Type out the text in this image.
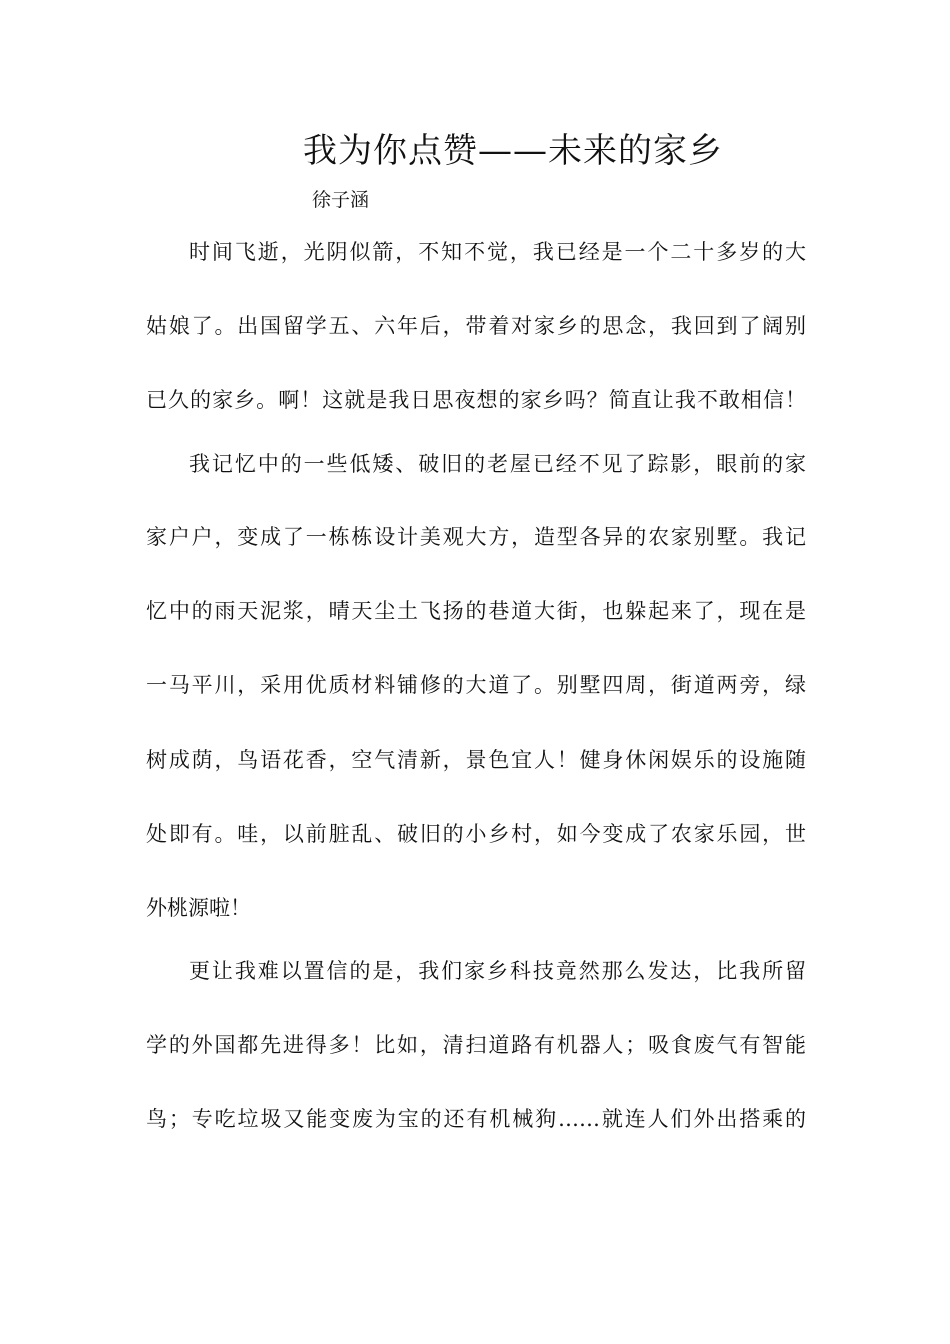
我为你点赞——未来的家乡
徐子涵
时间飞逝，光阴似箭，不知不觉，我已经是一个二十多岁的大
姑娘了。出国留学五、六年后，带着对家乡的思念，我回到了阔别
已久的家乡。啊！这就是我日思夜想的家乡吗？简直让我不敢相信！
我记忆中的一些低矮、破旧的老屋已经不见了踪影，眼前的家
家户户，变成了一栋栋设计美观大方，造型各异的农家别墅。我记
忆中的雨天泥浆，晴天尘土飞扬的巷道大街，也躲起来了，现在是
一马平川，采用优质材料铺修的大道了。别墅四周，街道两旁，绿
树成荫，鸟语花香，空气清新，景色宜人！健身休闲娱乐的设施随
处即有。哇，以前脏乱、破旧的小乡村，如今变成了农家乐园，世
外桃源啦！
更让我难以置信的是，我们家乡科技竟然那么发达，比我所留
学的外国都先进得多！比如，清扫道路有机器人；吸食废气有智能
鸟；专吃垃圾又能变废为宝的还有机械狗……就连人们外出搭乘的
